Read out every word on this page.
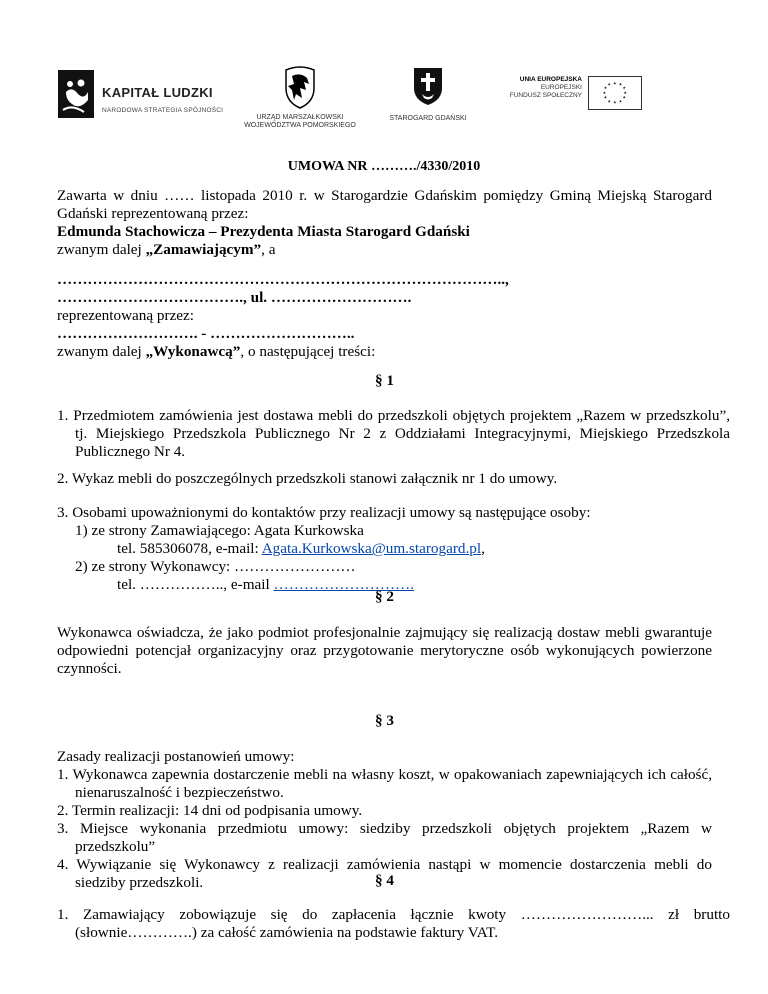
KAPITAŁ LUDZKI
NARODOWA STRATEGIA SPÓJNOŚCI
URZĄD MARSZAŁKOWSKI
WOJEWÓDZTWA POMORSKIEGO
STAROGARD GDAŃSKI
UNIA EUROPEJSKA
EUROPEJSKI
FUNDUSZ SPOŁECZNY
★ ★
★
★
★
★
★
★
★
★
★
★
UMOWA NR ………./4330/2010

Zawarta w dniu …… listopada 2010 r. w Starogardzie Gdańskim pomiędzy Gminą Miejską Starogard Gdański reprezentowaną przez:

Edmunda Stachowicza – Prezydenta Miasta Starogard Gdański

zwanym dalej „Zamawiającym”, a

……………………………………………………………………………..,

………………………………., ul. ……………………….

reprezentowaną przez:

………………………. - ………………………..

zwanym dalej „Wykonawcą”, o następującej treści:

§ 1
1. Przedmiotem zamówienia jest dostawa mebli do przedszkoli objętych projektem „Razem w przedszkolu”, tj. Miejskiego Przedszkola Publicznego Nr 2 z Oddziałami Integracyjnymi, Miejskiego Przedszkola Publicznego Nr 4.
2. Wykaz mebli do poszczególnych przedszkoli stanowi załącznik nr 1 do umowy.

3. Osobami upoważnionymi do kontaktów przy realizacji umowy są następujące osoby:

1) ze strony Zamawiającego: Agata Kurkowska

tel. 585306078, e-mail: Agata.Kurkowska@um.starogard.pl,

2) ze strony Wykonawcy: ……………………

tel. …………….., e-mail ……………………….

§ 2
Wykonawca oświadcza, że jako podmiot profesjonalnie zajmujący się realizacją dostaw mebli gwarantuje odpowiedni potencjał organizacyjny oraz przygotowanie merytoryczne osób wykonujących powierzone czynności.
§ 3

Zasady realizacji postanowień umowy:

1. Wykonawca zapewnia dostarczenie mebli na własny koszt, w opakowaniach zapewniających ich całość, nienaruszalność i bezpieczeństwo.

2. Termin realizacji: 14 dni od podpisania umowy.

3. Miejsce wykonania przedmiotu umowy: siedziby przedszkoli objętych projektem „Razem w przedszkolu”

4. Wywiązanie się Wykonawcy z realizacji zamówienia nastąpi w momencie dostarczenia mebli do siedziby przedszkoli.	§ 4
1. Zamawiający zobowiązuje się do zapłacenia łącznie kwoty ……………………... zł brutto (słownie………….) za całość zamówienia na podstawie faktury VAT.
